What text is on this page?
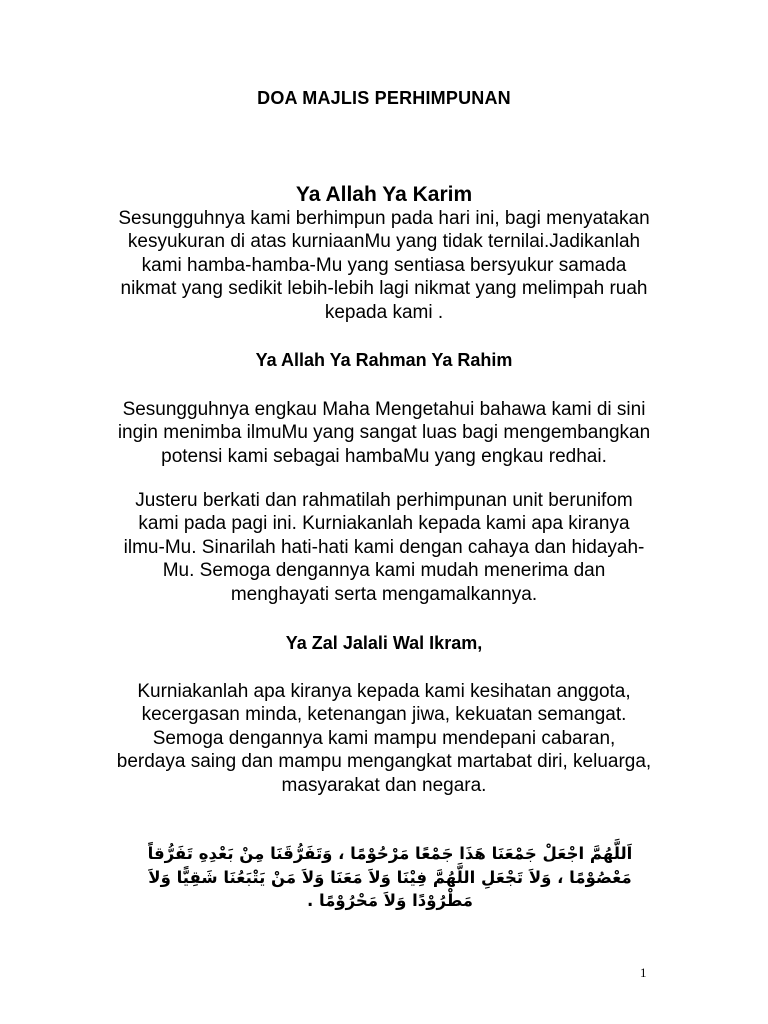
DOA MAJLIS PERHIMPUNAN
Ya Allah Ya Karim
Sesungguhnya kami berhimpun pada hari ini, bagi menyatakan
kesyukuran di atas kurniaanMu yang tidak ternilai.Jadikanlah
kami hamba-hamba-Mu yang sentiasa bersyukur samada
nikmat yang sedikit lebih-lebih lagi nikmat yang melimpah ruah
kepada kami .
Ya Allah Ya Rahman Ya Rahim
Sesungguhnya engkau Maha Mengetahui bahawa kami di sini
ingin menimba ilmuMu yang sangat luas bagi mengembangkan
potensi kami sebagai hambaMu yang engkau redhai.
Justeru berkati dan rahmatilah perhimpunan unit berunifom
kami pada pagi ini. Kurniakanlah kepada kami apa kiranya
ilmu-Mu. Sinarilah hati-hati kami dengan cahaya dan hidayah-
Mu. Semoga dengannya kami mudah menerima dan
menghayati serta mengamalkannya.
Ya Zal Jalali Wal Ikram,
Kurniakanlah apa kiranya kepada kami kesihatan anggota,
kecergasan minda, ketenangan jiwa, kekuatan semangat.
Semoga dengannya kami mampu mendepani cabaran,
berdaya saing dan mampu mengangkat martabat diri, keluarga,
masyarakat dan negara.
اَللَّهُمَّ اجْعَلْ جَمْعَنَا هَذَا جَمْعًا مَرْحُوْمًا ، وَتَفَرُّقَنَا مِنْ بَعْدِهِ تَفَرُّقاً
مَعْصُوْمًا ، وَلاَ تَجْعَلِ اللَّهُمَّ فِيْنَا وَلاَ مَعَنَا وَلاَ مَنْ يَتْبَعُنَا شَقِيًّا وَلاَ
مَطْرُوْدًا وَلاَ مَحْرُوْمًا .
1
